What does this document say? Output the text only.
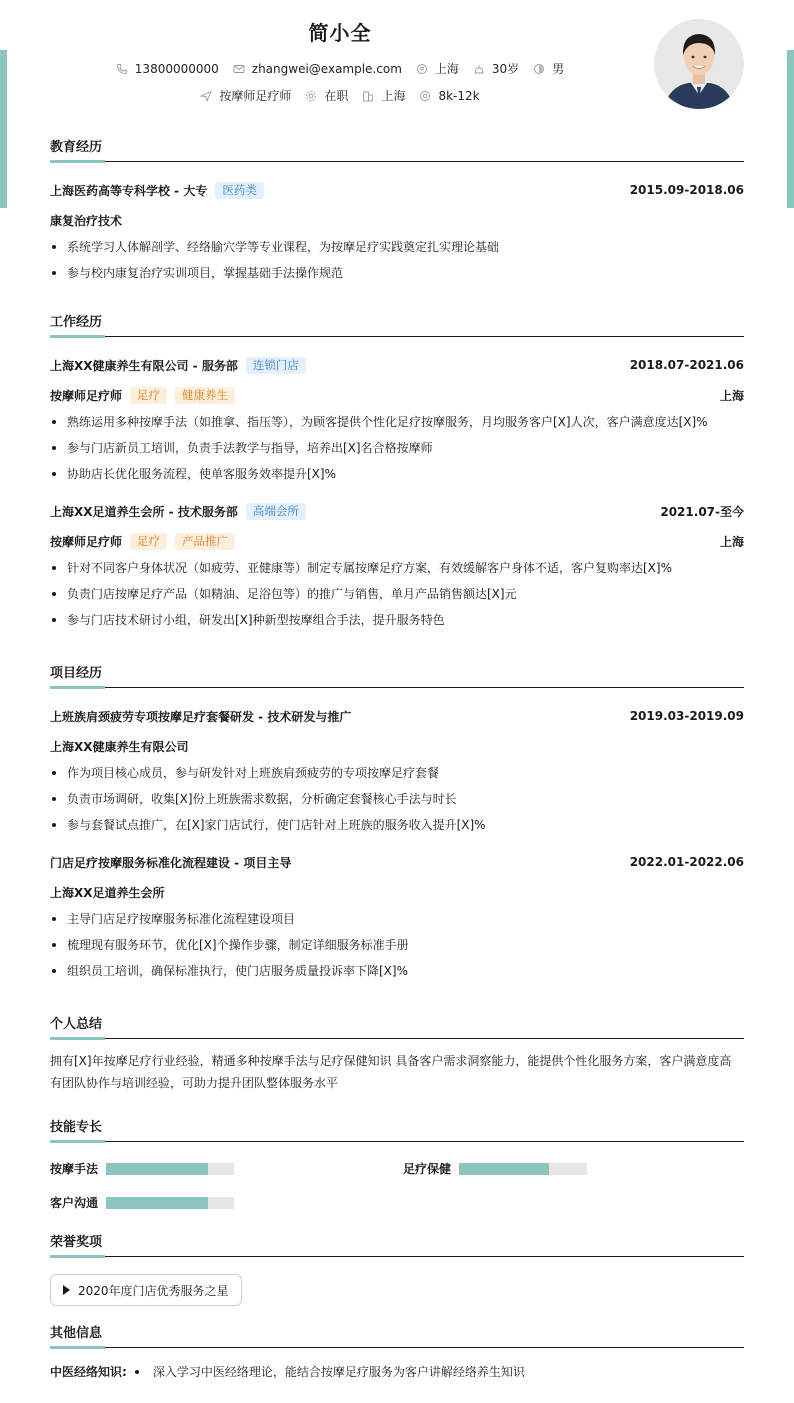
简小全
13800000000	zhangwei@example.com	上海	30岁	男
按摩师足疗师	在职	上海	8k-12k
教育经历
上海医药高等专科学校 - 大专	医药类	2015.09-2018.06
康复治疗技术
系统学习人体解剖学、经络腧穴学等专业课程，为按摩足疗实践奠定扎实理论基础
参与校内康复治疗实训项目，掌握基础手法操作规范
工作经历
上海XX健康养生有限公司 - 服务部	连锁门店	2018.07-2021.06
按摩师足疗师	足疗	健康养生	上海
熟练运用多种按摩手法（如推拿、指压等），为顾客提供个性化足疗按摩服务，月均服务客户[X]人次，客户满意度达[X]%
参与门店新员工培训，负责手法教学与指导，培养出[X]名合格按摩师
协助店长优化服务流程，使单客服务效率提升[X]%
上海XX足道养生会所 - 技术服务部	高端会所	2021.07-至今
按摩师足疗师	足疗	产品推广	上海
针对不同客户身体状况（如疲劳、亚健康等）制定专属按摩足疗方案，有效缓解客户身体不适，客户复购率达[X]%
负责门店按摩足疗产品（如精油、足浴包等）的推广与销售，单月产品销售额达[X]元
参与门店技术研讨小组，研发出[X]种新型按摩组合手法，提升服务特色
项目经历
上班族肩颈疲劳专项按摩足疗套餐研发 - 技术研发与推广	2019.03-2019.09
上海XX健康养生有限公司
作为项目核心成员，参与研发针对上班族肩颈疲劳的专项按摩足疗套餐
负责市场调研，收集[X]份上班族需求数据，分析确定套餐核心手法与时长
参与套餐试点推广，在[X]家门店试行，使门店针对上班族的服务收入提升[X]%
门店足疗按摩服务标准化流程建设 - 项目主导	2022.01-2022.06
上海XX足道养生会所
主导门店足疗按摩服务标准化流程建设项目
梳理现有服务环节，优化[X]个操作步骤，制定详细服务标准手册
组织员工培训，确保标准执行，使门店服务质量投诉率下降[X]%
个人总结
拥有[X]年按摩足疗行业经验，精通多种按摩手法与足疗保健知识 具备客户需求洞察能力，能提供个性化服务方案，客户满意度高
有团队协作与培训经验，可助力提升团队整体服务水平
技能专长
按摩手法	足疗保健
客户沟通
荣誉奖项
2020年度门店优秀服务之星
其他信息
中医经络知识: 深入学习中医经络理论，能结合按摩足疗服务为客户讲解经络养生知识
